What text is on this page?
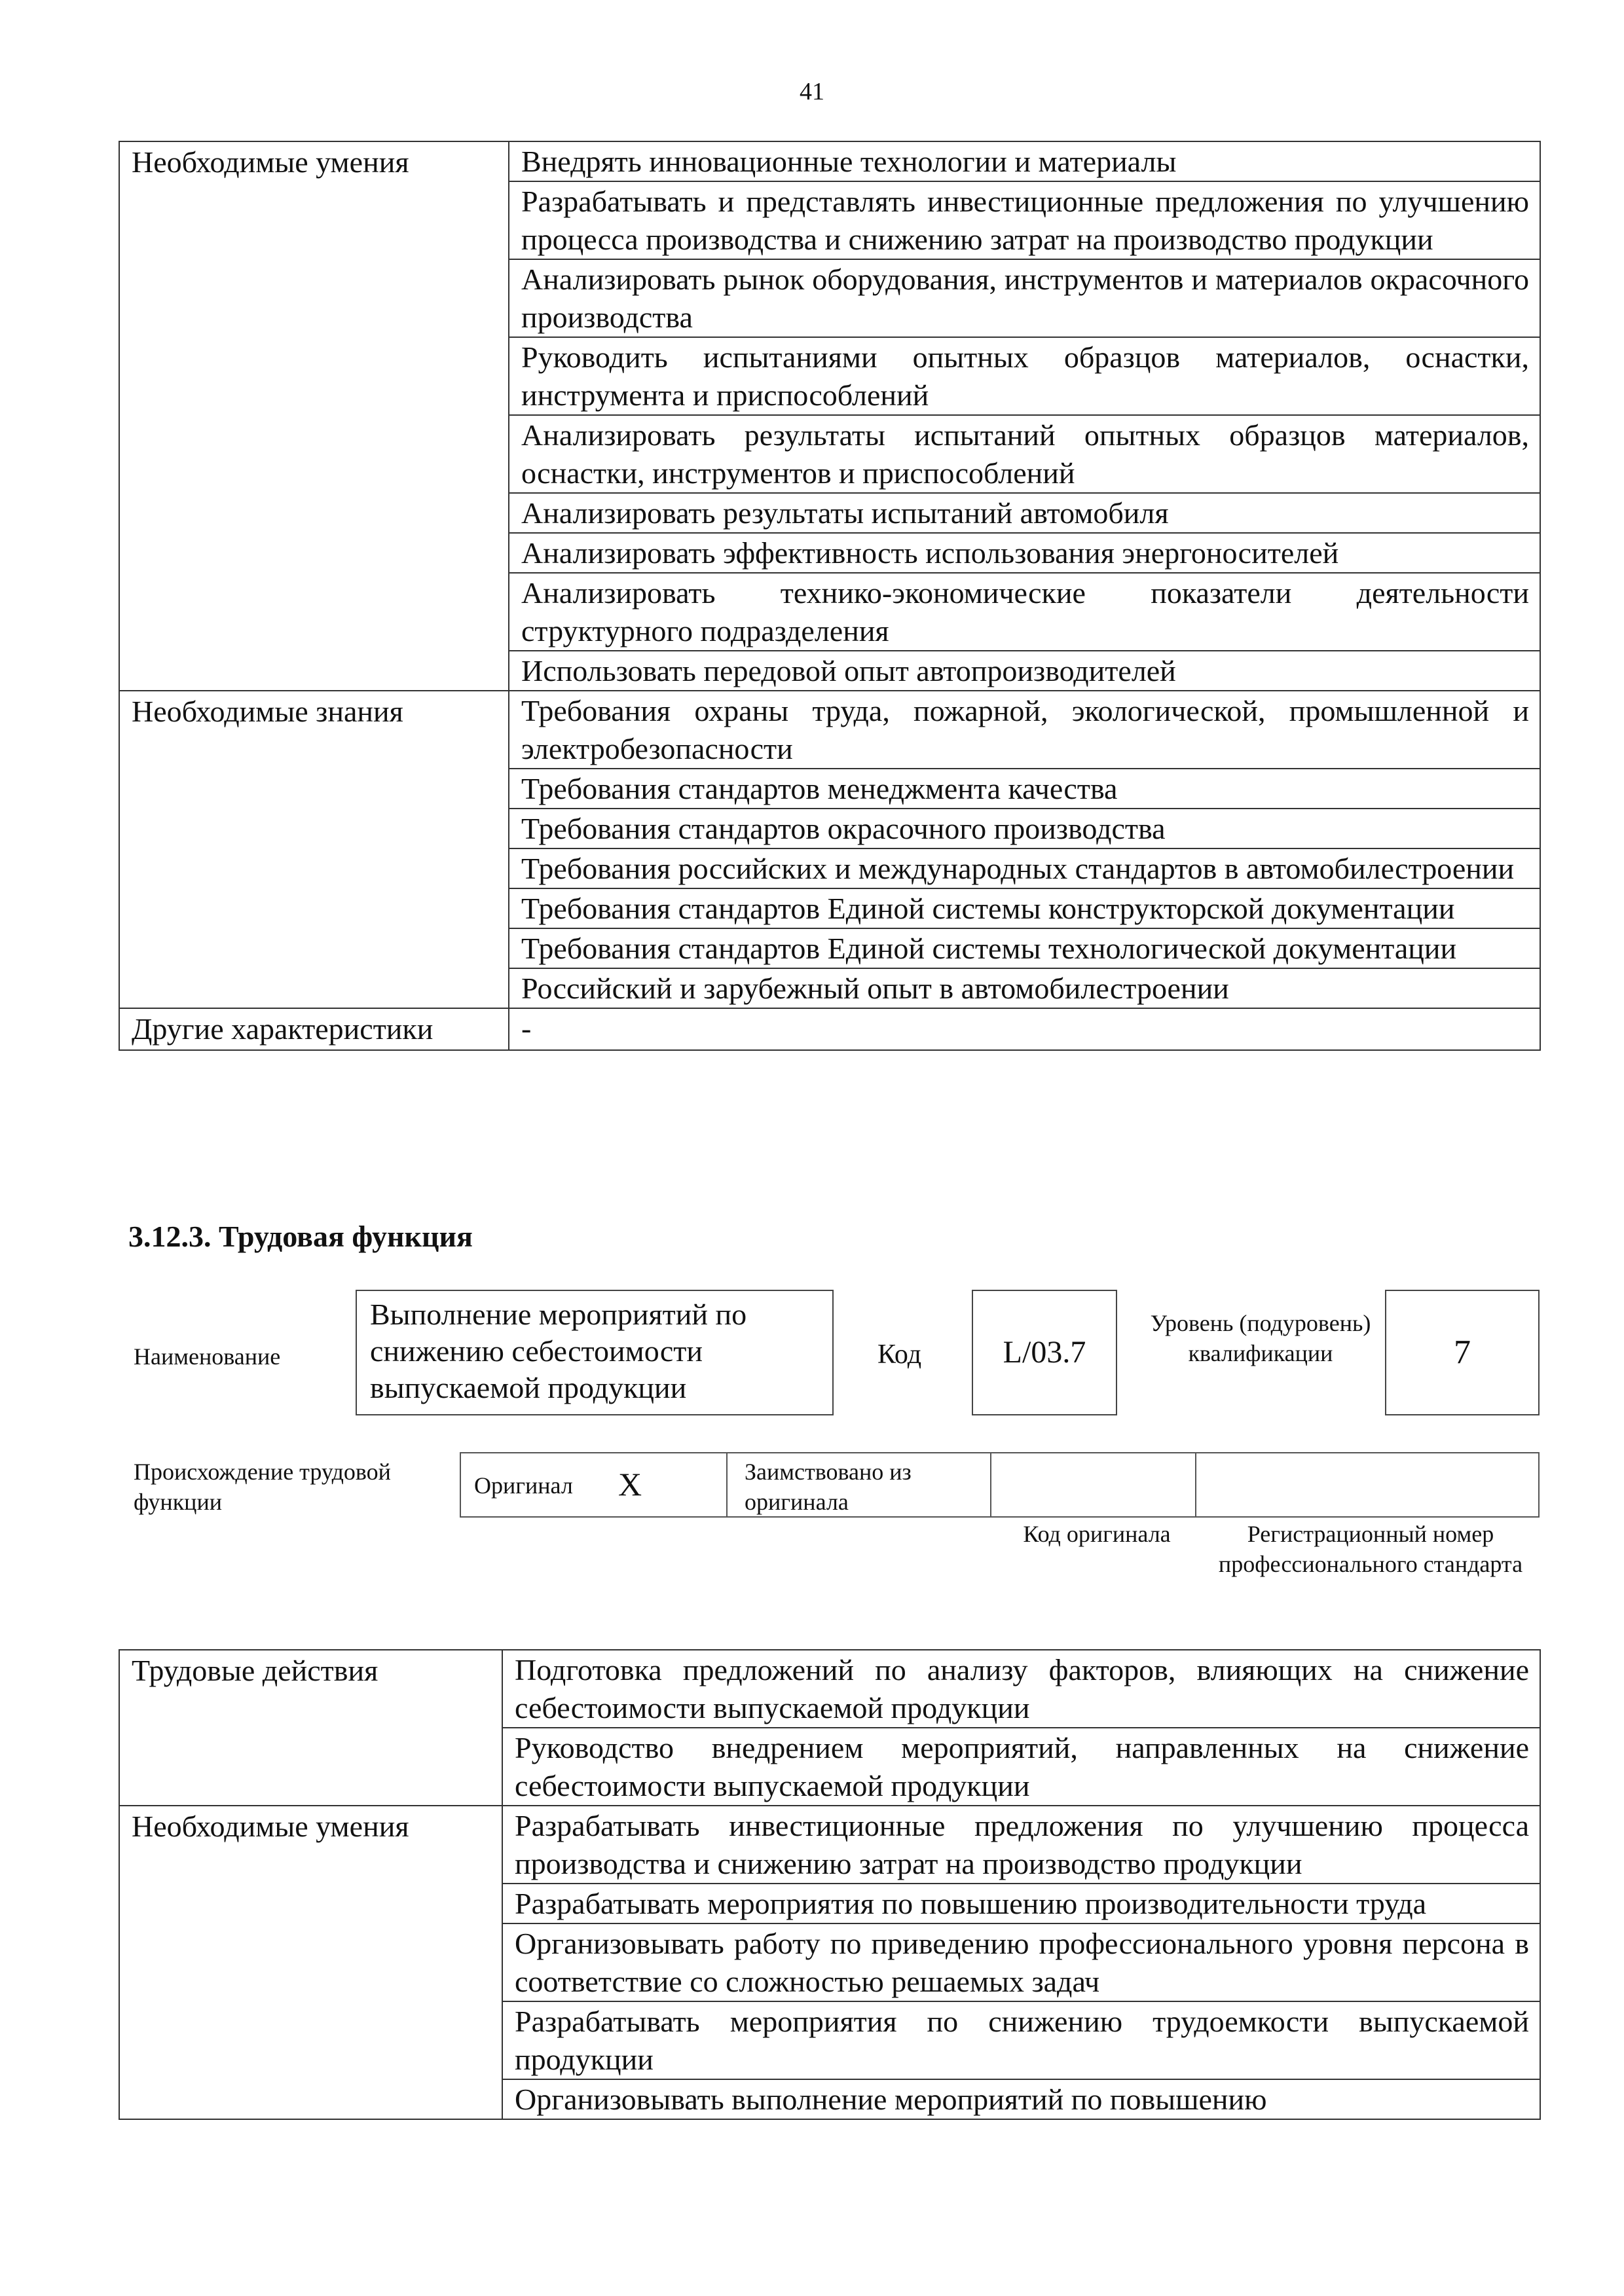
41
Необходимые умения	Внедрять инновационные технологии и материалы
	Разрабатывать и представлять инвестиционные предложения по улучшению процесса производства и снижению затрат на производство продукции
	Анализировать рынок оборудования, инструментов и материалов окрасочного производства
	Руководить испытаниями опытных образцов материалов, оснастки, инструмента и приспособлений
	Анализировать результаты испытаний опытных образцов материалов, оснастки, инструментов и приспособлений
	Анализировать результаты испытаний автомобиля
	Анализировать эффективность использования энергоносителей
	Анализировать технико-экономические показатели деятельности структурного подразделения
	Использовать передовой опыт автопроизводителей
Необходимые знания	Требования охраны труда, пожарной, экологической, промышленной и электробезопасности
	Требования стандартов менеджмента качества
	Требования стандартов окрасочного производства
	Требования российских и международных стандартов в автомобилестроении
	Требования стандартов Единой системы конструкторской документации
	Требования стандартов Единой системы технологической документации
	Российский и зарубежный опыт в автомобилестроении
Другие характеристики	-
3.12.3. Трудовая функция
Наименование
Выполнение мероприятий по снижению себестоимости выпускаемой продукции
Код	L/03.7
Уровень (подуровень) квалификации	7
Происхождение трудовой функции
Оригинал X	Заимствовано из оригинала
Код оригинала	Регистрационный номер профессионального стандарта
Трудовые действия	Подготовка предложений по анализу факторов, влияющих на снижение себестоимости выпускаемой продукции
	Руководство внедрением мероприятий, направленных на снижение себестоимости выпускаемой продукции
Необходимые умения	Разрабатывать инвестиционные предложения по улучшению процесса производства и снижению затрат на производство продукции
	Разрабатывать мероприятия по повышению производительности труда
	Организовывать работу по приведению профессионального уровня персона в соответствие со сложностью решаемых задач
	Разрабатывать мероприятия по снижению трудоемкости выпускаемой продукции
	Организовывать выполнение мероприятий по повышению
